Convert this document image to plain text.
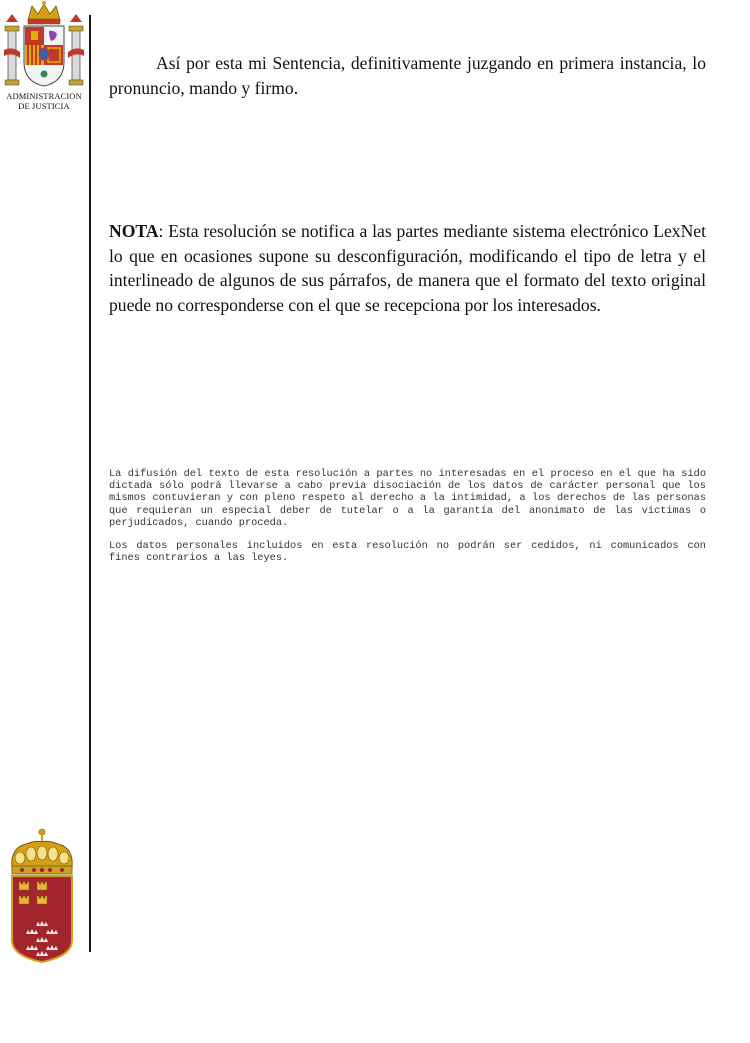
ADMINISTRACION
DE JUSTICIA

Así por esta mi Sentencia, definitivamente juzgando en primera instancia, lo pronuncio, mando y firmo.

NOTA: Esta resolución se notifica a las partes mediante sistema electrónico LexNet lo que en ocasiones supone su desconfiguración, modificando el tipo de letra y el interlineado de algunos de sus párrafos, de manera que el formato del texto original puede no corresponderse con el que se recepciona por los interesados.

La difusión del texto de esta resolución a partes no interesadas en el proceso en el que ha sido dictada sólo podrá llevarse a cabo previa disociación de los datos de carácter personal que los mismos contuvieran y con pleno respeto al derecho a la intimidad, a los derechos de las personas que requieran un especial deber de tutelar o a la garantía del anonimato de las victimas o perjudicados, cuando proceda.

Los datos personales incluidos en esta resolución no podrán ser cedidos, ni comunicados con fines contrarios a las leyes.
